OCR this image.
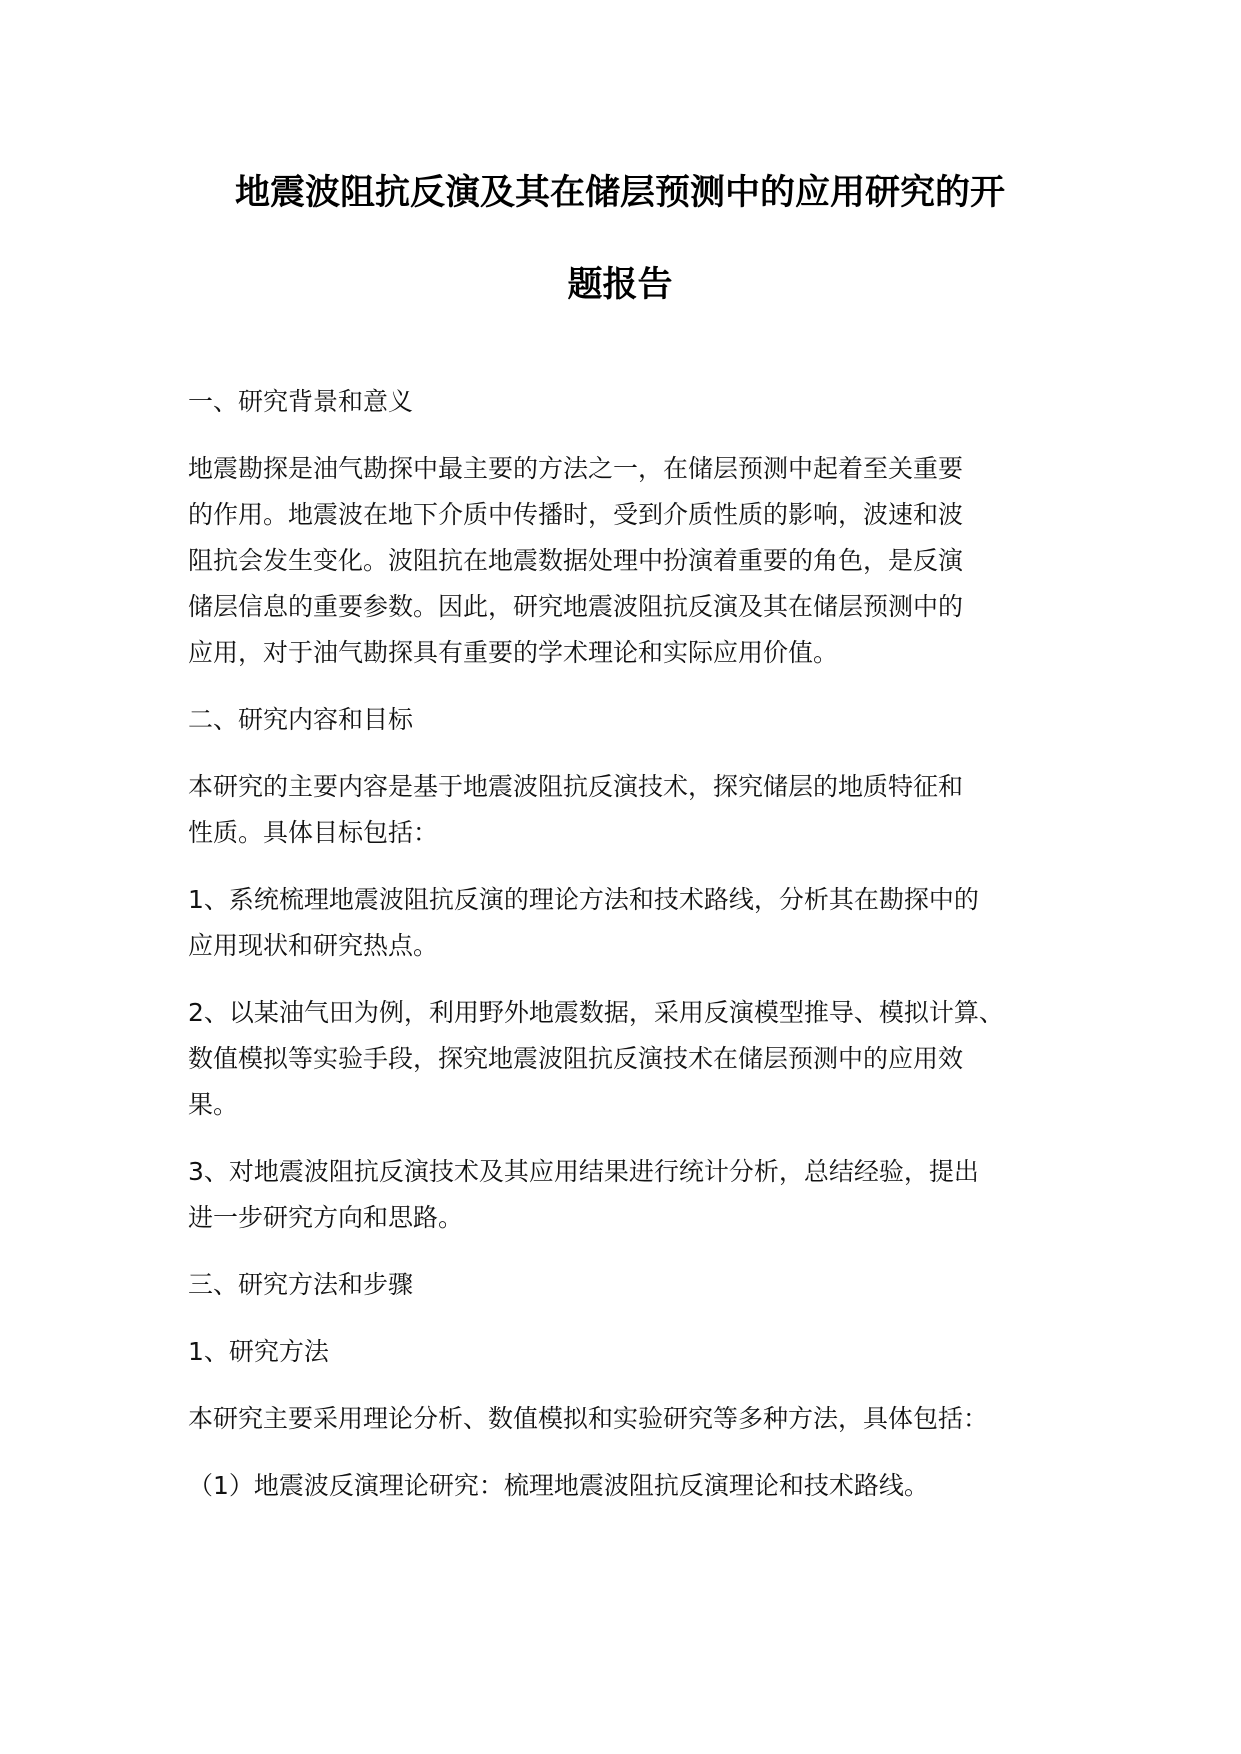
地震波阻抗反演及其在储层预测中的应用研究的开
题报告
一、研究背景和意义
地震勘探是油气勘探中最主要的方法之一，在储层预测中起着至关重要
的作用。地震波在地下介质中传播时，受到介质性质的影响，波速和波
阻抗会发生变化。波阻抗在地震数据处理中扮演着重要的角色，是反演
储层信息的重要参数。因此，研究地震波阻抗反演及其在储层预测中的
应用，对于油气勘探具有重要的学术理论和实际应用价值。
二、研究内容和目标
本研究的主要内容是基于地震波阻抗反演技术，探究储层的地质特征和
性质。具体目标包括：
1、系统梳理地震波阻抗反演的理论方法和技术路线，分析其在勘探中的
应用现状和研究热点。
2、以某油气田为例，利用野外地震数据，采用反演模型推导、模拟计算、
数值模拟等实验手段，探究地震波阻抗反演技术在储层预测中的应用效
果。
3、对地震波阻抗反演技术及其应用结果进行统计分析，总结经验，提出
进一步研究方向和思路。
三、研究方法和步骤
1、研究方法
本研究主要采用理论分析、数值模拟和实验研究等多种方法，具体包括：
（1）地震波反演理论研究：梳理地震波阻抗反演理论和技术路线。
